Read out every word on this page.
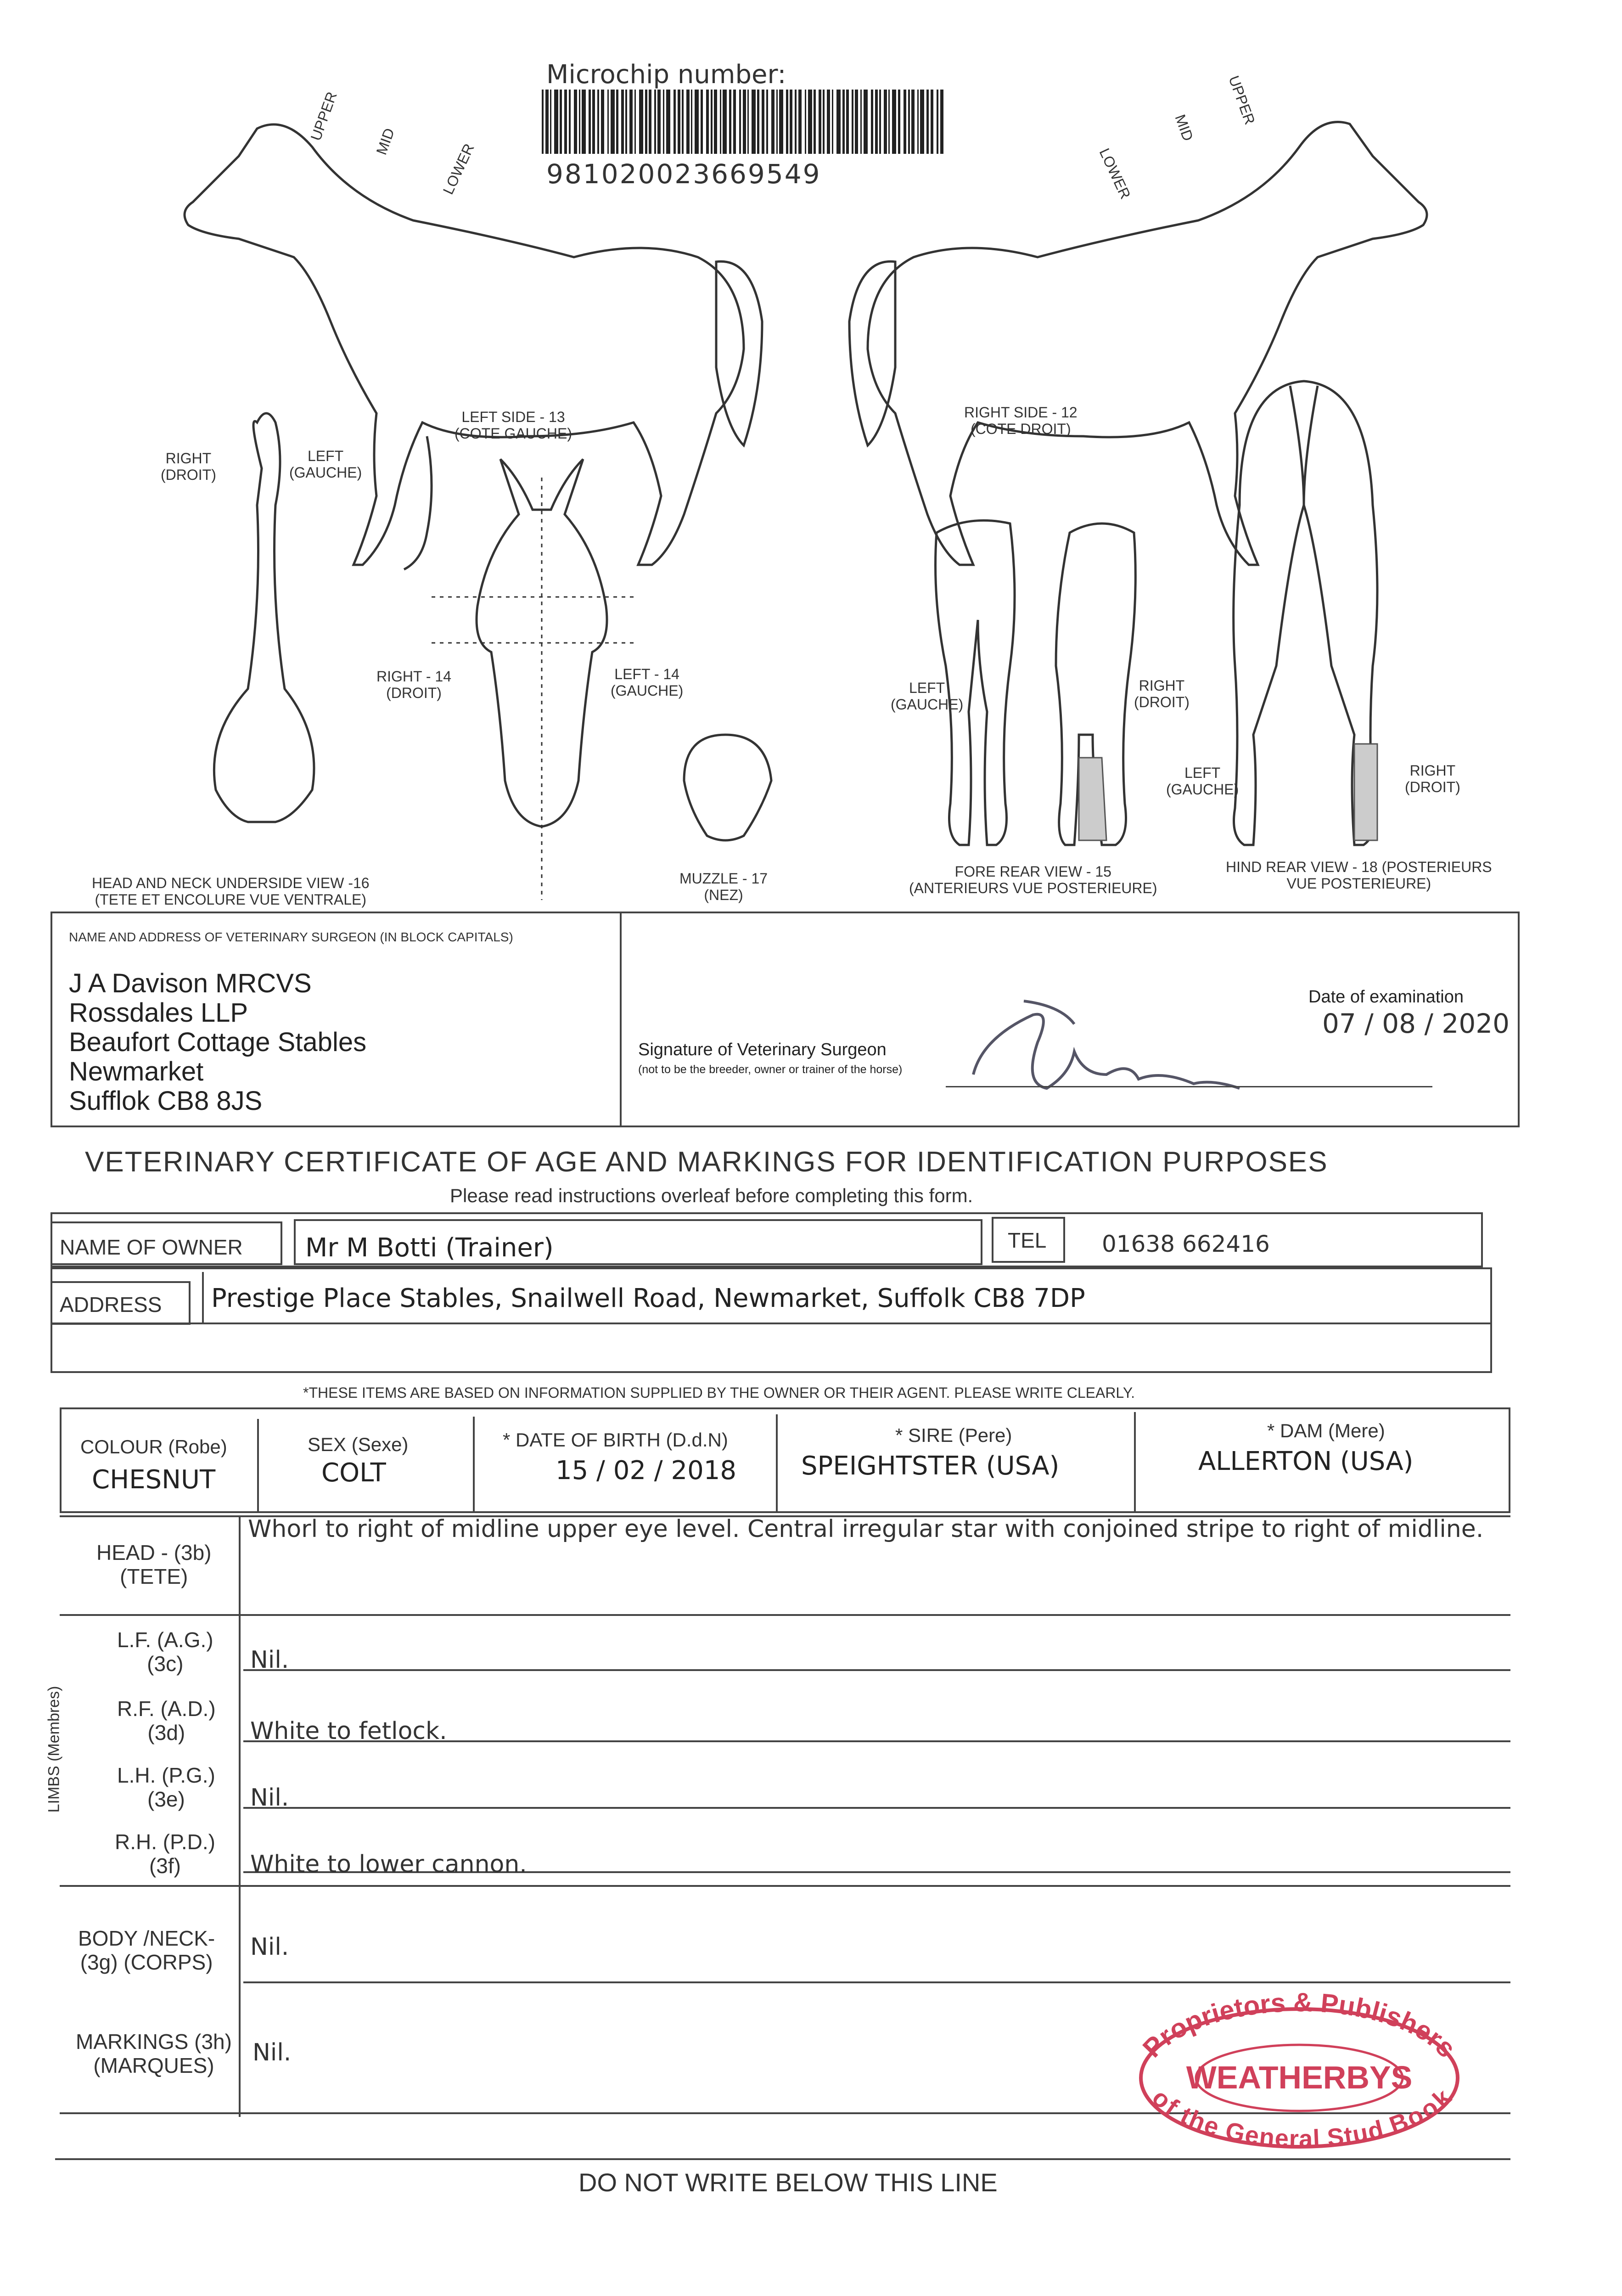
Microchip number:
981020023669549
UPPER MID	LOWER
UPPER
MID
LOWER
LEFT SIDE - 13
(COTE GAUCHE)
RIGHT SIDE - 12
(COTE DROIT)
RIGHT
(DROIT)
LEFT
(GAUCHE)
RIGHT - 14
(DROIT)
LEFT - 14
(GAUCHE)	LEFT
(GAUCHE)
RIGHT
(DROIT)
LEFT
(GAUCHE)
RIGHT
(DROIT)
HEAD AND NECK UNDERSIDE VIEW -16
(TETE ET ENCOLURE VUE VENTRALE)
MUZZLE - 17
(NEZ)
FORE REAR VIEW - 15
(ANTERIEURS VUE POSTERIEURE)
HIND REAR VIEW - 18 (POSTERIEURS
VUE POSTERIEURE)
NAME AND ADDRESS OF VETERINARY SURGEON (IN BLOCK CAPITALS)
J A Davison MRCVS
Rossdales LLP
Beaufort Cottage Stables
Newmarket
Sufflok CB8 8JS
Signature of Veterinary Surgeon
(not to be the breeder, owner or trainer of the horse)
Date of examination
07 / 08 / 2020
VETERINARY CERTIFICATE OF AGE AND MARKINGS FOR IDENTIFICATION PURPOSES
Please read instructions overleaf before completing this form.
NAME OF OWNER Mr M Botti (Trainer)	TEL 01638 662416
ADDRESS Prestige Place Stables, Snailwell Road, Newmarket, Suffolk CB8 7DP
*THESE ITEMS ARE BASED ON INFORMATION SUPPLIED BY THE OWNER OR THEIR AGENT. PLEASE WRITE CLEARLY.
COLOUR (Robe)
CHESNUT
SEX (Sexe)
COLT
* DATE OF BIRTH (D.d.N)
15 / 02 / 2018
* SIRE (Pere)
SPEIGHTSTER (USA)
* DAM (Mere)
ALLERTON (USA)
HEAD - (3b)
(TETE)
Whorl to right of midline upper eye level. Central irregular star with conjoined stripe to right of midline.
LIMBS (Membres)
L.F. (A.G.)
(3c)	Nil.
R.F. (A.D.)
(3d)	White to fetlock.
L.H. (P.G.)
(3e)	Nil.
R.H. (P.D.)
(3f)	White to lower cannon.
BODY /NECK-
(3g) (CORPS)
Nil.
MARKINGS (3h)
(MARQUES)	Nil.	Proprietors & Publishers
WEATHERBYS
of the General Stud Book
DO NOT WRITE BELOW THIS LINE
